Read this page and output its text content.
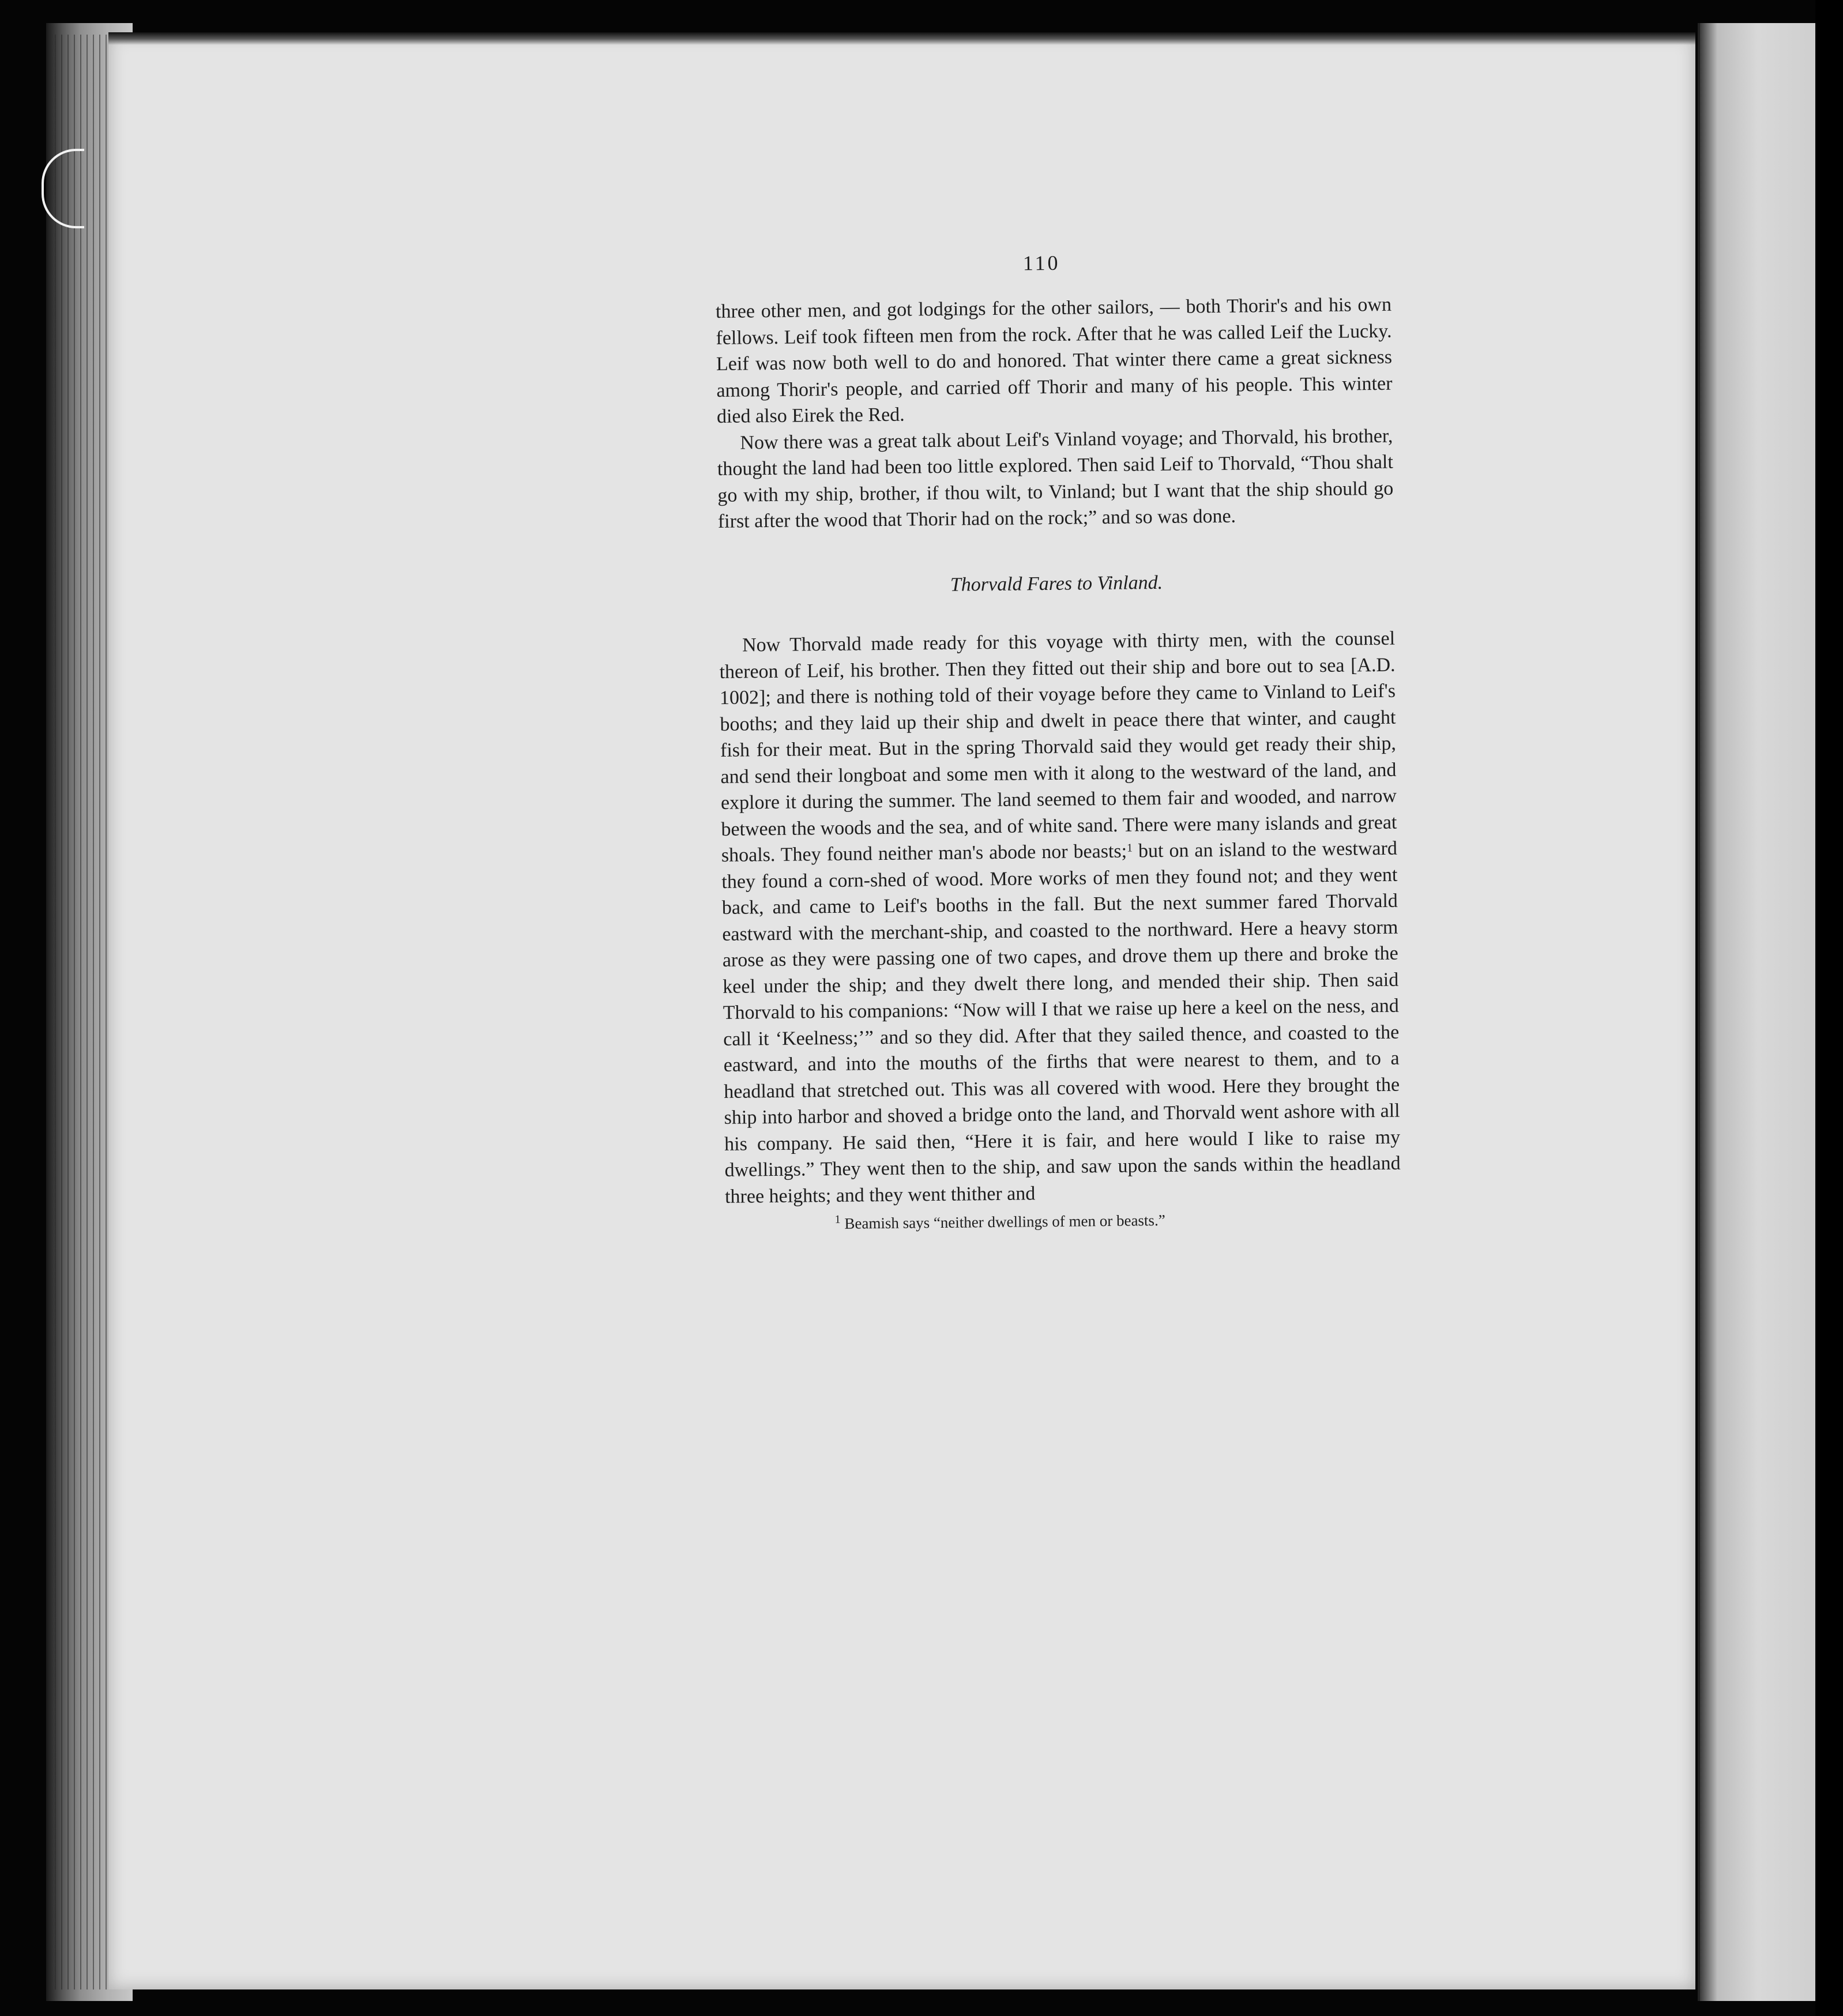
110

three other men, and got lodgings for the other sailors, — both Thorir's and his own fellows. Leif took fifteen men from the rock. After that he was called Leif the Lucky. Leif was now both well to do and honored. That winter there came a great sickness among Thorir's people, and carried off Thorir and many of his people. This winter died also Eirek the Red.

Now there was a great talk about Leif's Vinland voyage; and Thorvald, his brother, thought the land had been too little explored. Then said Leif to Thorvald, “Thou shalt go with my ship, brother, if thou wilt, to Vinland; but I want that the ship should go first after the wood that Thorir had on the rock;” and so was done.

Thorvald Fares to Vinland.

Now Thorvald made ready for this voyage with thirty men, with the counsel thereon of Leif, his brother. Then they fitted out their ship and bore out to sea [A.D. 1002]; and there is nothing told of their voyage before they came to Vinland to Leif's booths; and they laid up their ship and dwelt in peace there that winter, and caught fish for their meat. But in the spring Thorvald said they would get ready their ship, and send their longboat and some men with it along to the westward of the land, and explore it during the summer. The land seemed to them fair and wooded, and narrow between the woods and the sea, and of white sand. There were many islands and great shoals. They found neither man's abode nor beasts;$^1$ but on an island to the westward they found a corn-shed of wood. More works of men they found not; and they went back, and came to Leif's booths in the fall. But the next summer fared Thorvald eastward with the merchant-ship, and coasted to the northward. Here a heavy storm arose as they were passing one of two capes, and drove them up there and broke the keel under the ship; and they dwelt there long, and mended their ship. Then said Thorvald to his companions: “Now will I that we raise up here a keel on the ness, and call it ‘Keelness;’” and so they did. After that they sailed thence, and coasted to the eastward, and into the mouths of the firths that were nearest to them, and to a headland that stretched out. This was all covered with wood. Here they brought the ship into harbor and shoved a bridge onto the land, and Thorvald went ashore with all his company. He said then, “Here it is fair, and here would I like to raise my dwellings.” They went then to the ship, and saw upon the sands within the headland three heights; and they went thither and

$^1$ Beamish says “neither dwellings of men or beasts.”
